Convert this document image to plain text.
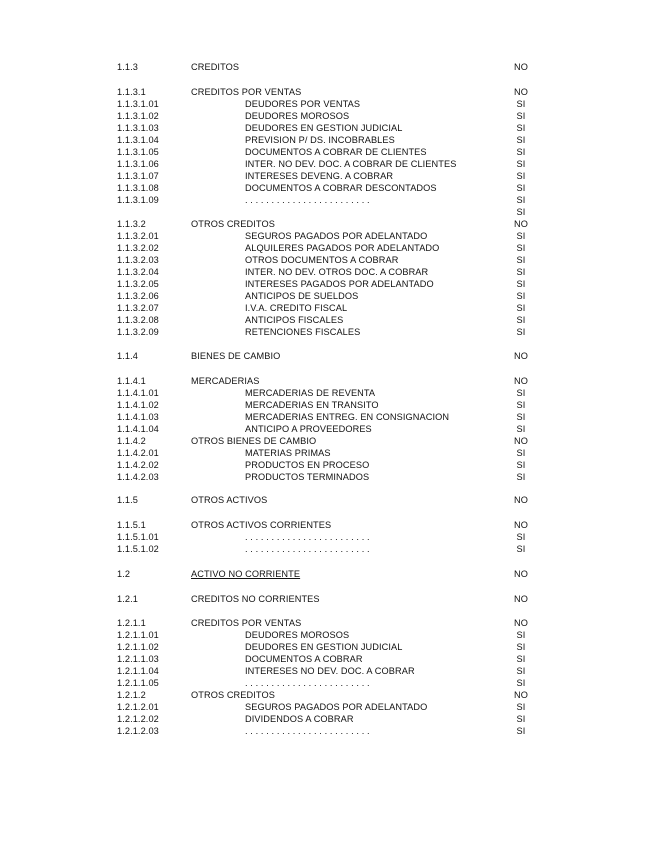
1.1.3	CREDITOS	NO
1.1.3.1	CREDITOS POR VENTAS	NO
1.1.3.1.01	DEUDORES POR VENTAS	SI
1.1.3.1.02	DEUDORES MOROSOS	SI
1.1.3.1.03	DEUDORES EN GESTION JUDICIAL	SI
1.1.3.1.04	PREVISION P/ DS. INCOBRABLES	SI
1.1.3.1.05	DOCUMENTOS A COBRAR DE CLIENTES	SI
1.1.3.1.06	INTER. NO DEV. DOC. A COBRAR DE CLIENTES	SI
1.1.3.1.07	INTERESES DEVENG. A COBRAR	SI
1.1.3.1.08	DOCUMENTOS A COBRAR DESCONTADOS	SI
1.1.3.1.09	. . . . . . . . . . . . . . . . . . . . . . . .	SI
SI
1.1.3.2	OTROS CREDITOS	NO
1.1.3.2.01	SEGUROS PAGADOS POR ADELANTADO	SI
1.1.3.2.02	ALQUILERES PAGADOS POR ADELANTADO	SI
1.1.3.2.03	OTROS DOCUMENTOS A COBRAR	SI
1.1.3.2.04	INTER. NO DEV. OTROS DOC. A COBRAR	SI
1.1.3.2.05	INTERESES PAGADOS POR ADELANTADO	SI
1.1.3.2.06	ANTICIPOS DE SUELDOS	SI
1.1.3.2.07	I.V.A. CREDITO FISCAL	SI
1.1.3.2.08	ANTICIPOS FISCALES	SI
1.1.3.2.09	RETENCIONES FISCALES	SI
1.1.4	BIENES DE CAMBIO	NO
1.1.4.1	MERCADERIAS	NO
1.1.4.1.01	MERCADERIAS DE REVENTA	SI
1.1.4.1.02	MERCADERIAS EN TRANSITO	SI
1.1.4.1.03	MERCADERIAS ENTREG. EN CONSIGNACION	SI
1.1.4.1.04	ANTICIPO A PROVEEDORES	SI
1.1.4.2	OTROS BIENES DE CAMBIO	NO
1.1.4.2.01	MATERIAS PRIMAS	SI
1.1.4.2.02	PRODUCTOS EN PROCESO	SI
1.1.4.2.03	PRODUCTOS TERMINADOS	SI
1.1.5	OTROS ACTIVOS	NO
1.1.5.1	OTROS ACTIVOS CORRIENTES	NO
1.1.5.1.01	. . . . . . . . . . . . . . . . . . . . . . . .	SI
1.1.5.1.02	. . . . . . . . . . . . . . . . . . . . . . . .	SI
1.2	ACTIVO NO CORRIENTE	NO
1.2.1	CREDITOS NO CORRIENTES	NO
1.2.1.1	CREDITOS POR VENTAS	NO
1.2.1.1.01	DEUDORES MOROSOS	SI
1.2.1.1.02	DEUDORES EN GESTION JUDICIAL	SI
1.2.1.1.03	DOCUMENTOS A COBRAR	SI
1.2.1.1.04	INTERESES NO DEV. DOC. A COBRAR	SI
1.2.1.1.05	. . . . . . . . . . . . . . . . . . . . . . . .	SI
1.2.1.2	OTROS CREDITOS	NO
1.2.1.2.01	SEGUROS PAGADOS POR ADELANTADO	SI
1.2.1.2.02	DIVIDENDOS A COBRAR	SI
1.2.1.2.03	. . . . . . . . . . . . . . . . . . . . . . . .	SI
